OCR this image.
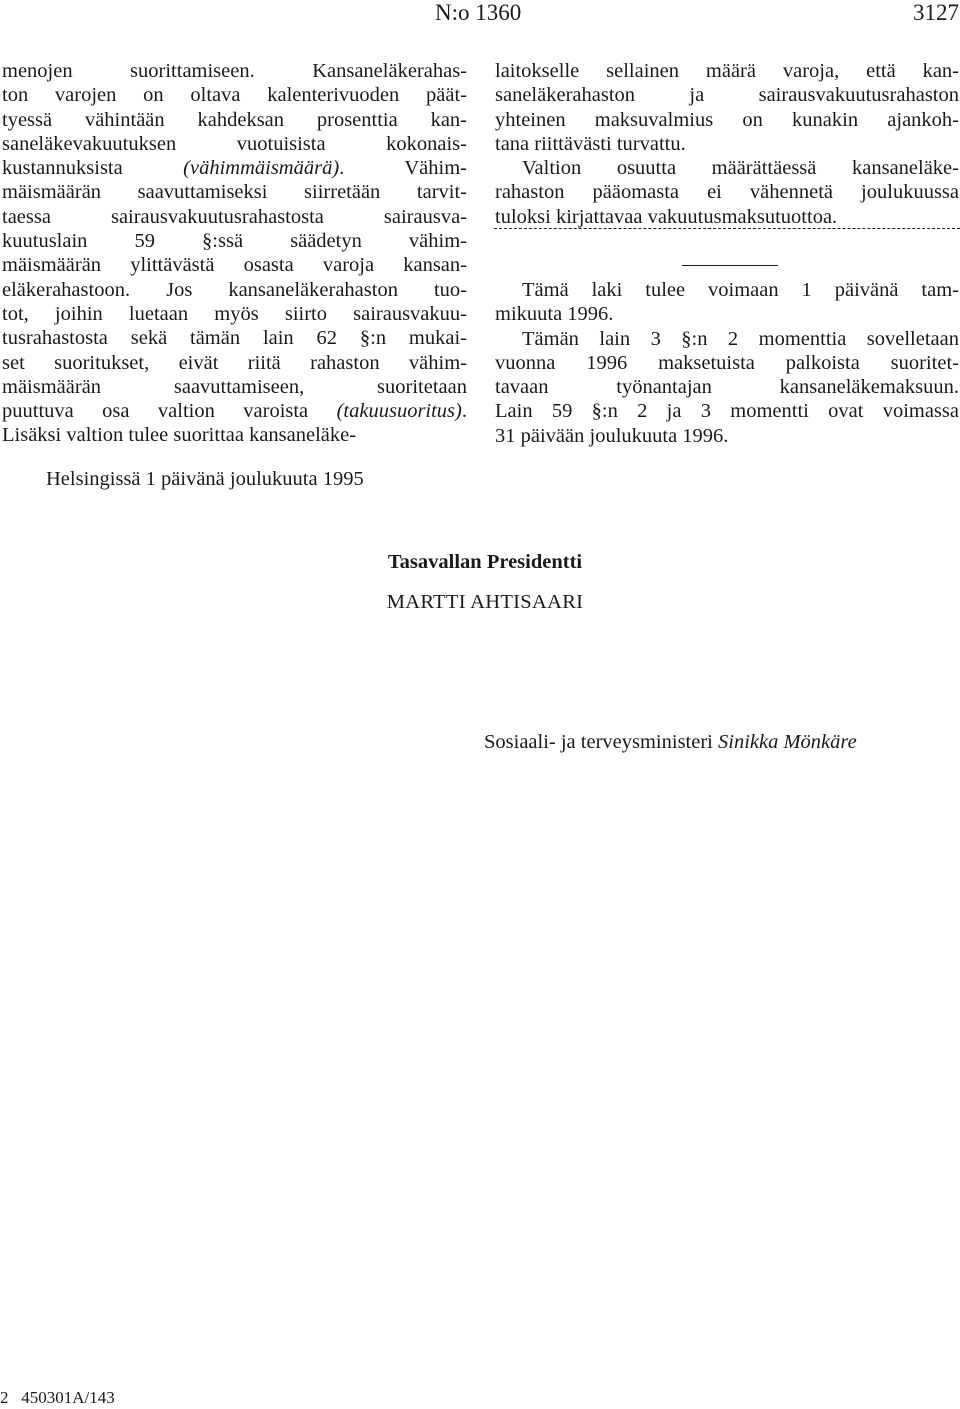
N:o 1360	3127
menojen suorittamiseen. Kansaneläkerahas-
ton varojen on oltava kalenterivuoden päät-
tyessä vähintään kahdeksan prosenttia kan-
saneläkevakuutuksen vuotuisista kokonais-
kustannuksista (vähimmäismäärä). Vähim-
mäismäärän saavuttamiseksi siirretään tarvit-
taessa sairausvakuutusrahastosta sairausva-
kuutuslain 59 §:ssä säädetyn vähim-
mäismäärän ylittävästä osasta varoja kansan-
eläkerahastoon. Jos kansaneläkerahaston tuo-
tot, joihin luetaan myös siirto sairausvakuu-
tusrahastosta sekä tämän lain 62 §:n mukai-
set suoritukset, eivät riitä rahaston vähim-
mäismäärän saavuttamiseen, suoritetaan
puuttuva osa valtion varoista (takuusuoritus).
Lisäksi valtion tulee suorittaa kansaneläke-
laitokselle sellainen määrä varoja, että kan-
saneläkerahaston ja sairausvakuutusrahaston
yhteinen maksuvalmius on kunakin ajankoh-
tana riittävästi turvattu.
Valtion osuutta määrättäessä kansaneläke-
rahaston pääomasta ei vähennetä joulukuussa
tuloksi kirjattavaa vakuutusmaksutuottoa.
Tämä laki tulee voimaan 1 päivänä tam-
mikuuta 1996.
Tämän lain 3 §:n 2 momenttia sovelletaan
vuonna 1996 maksetuista palkoista suoritet-
tavaan työnantajan kansaneläkemaksuun.
Lain 59 §:n 2 ja 3 momentti ovat voimassa
31 päivään joulukuuta 1996.
Helsingissä 1 päivänä joulukuuta 1995
Tasavallan Presidentti
MARTTI AHTISAARI
Sosiaali- ja terveysministeri Sinikka Mönkäre
2   450301A/143
